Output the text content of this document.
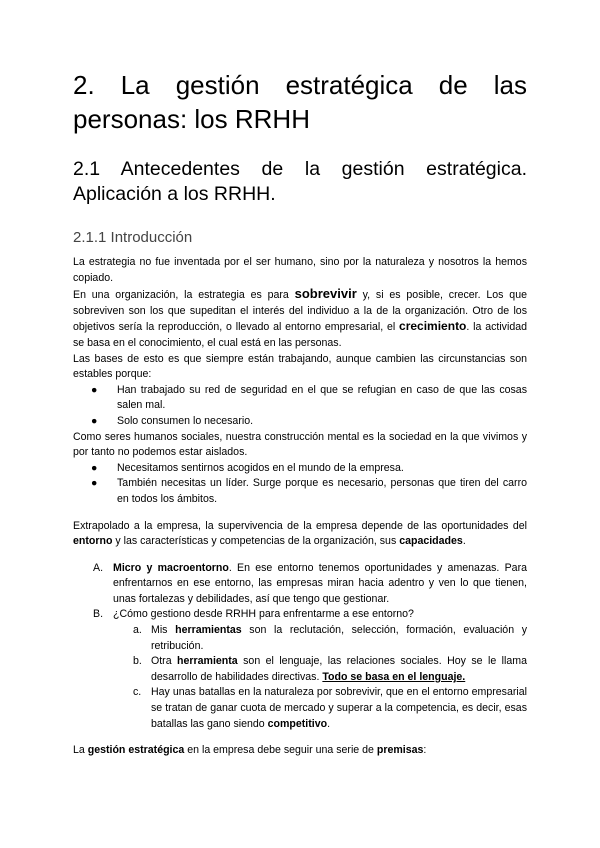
2. La gestión estratégica de las
personas: los RRHH
2.1 Antecedentes de la gestión estratégica.
Aplicación a los RRHH.
2.1.1 Introducción

La estrategia no fue inventada por el ser humano, sino por la naturaleza y nosotros la hemos copiado.

En una organización, la estrategia es para sobrevivir y, si es posible, crecer. Los que sobreviven son los que supeditan el interés del individuo a la de la organización. Otro de los objetivos sería la reproducción, o llevado al entorno empresarial, el crecimiento. la actividad se basa en el conocimiento, el cual está en las personas.

Las bases de esto es que siempre están trabajando, aunque cambien las circunstancias son estables porque:

● Han trabajado su red de seguridad en el que se refugian en caso de que las cosas salen mal.
● Solo consumen lo necesario.

Como seres humanos sociales, nuestra construcción mental es la sociedad en la que vivimos y por tanto no podemos estar aislados.

● Necesitamos sentirnos acogidos en el mundo de la empresa.
● También necesitas un líder. Surge porque es necesario, personas que tiren del carro en todos los ámbitos.

Extrapolado a la empresa, la supervivencia de la empresa depende de las oportunidades del entorno y las características y competencias de la organización, sus capacidades.

A. Micro y macroentorno. En ese entorno tenemos oportunidades y amenazas. Para enfrentarnos en ese entorno, las empresas miran hacia adentro y ven lo que tienen, unas fortalezas y debilidades, así que tengo que gestionar.
B. ¿Cómo gestiono desde RRHH para enfrentarme a ese entorno?
a. Mis herramientas son la reclutación, selección, formación, evaluación y retribución.
b. Otra herramienta son el lenguaje, las relaciones sociales. Hoy se le llama desarrollo de habilidades directivas. Todo se basa en el lenguaje.
c. Hay unas batallas en la naturaleza por sobrevivir, que en el entorno empresarial se tratan de ganar cuota de mercado y superar a la competencia, es decir, esas batallas las gano siendo competitivo.

La gestión estratégica en la empresa debe seguir una serie de premisas:
